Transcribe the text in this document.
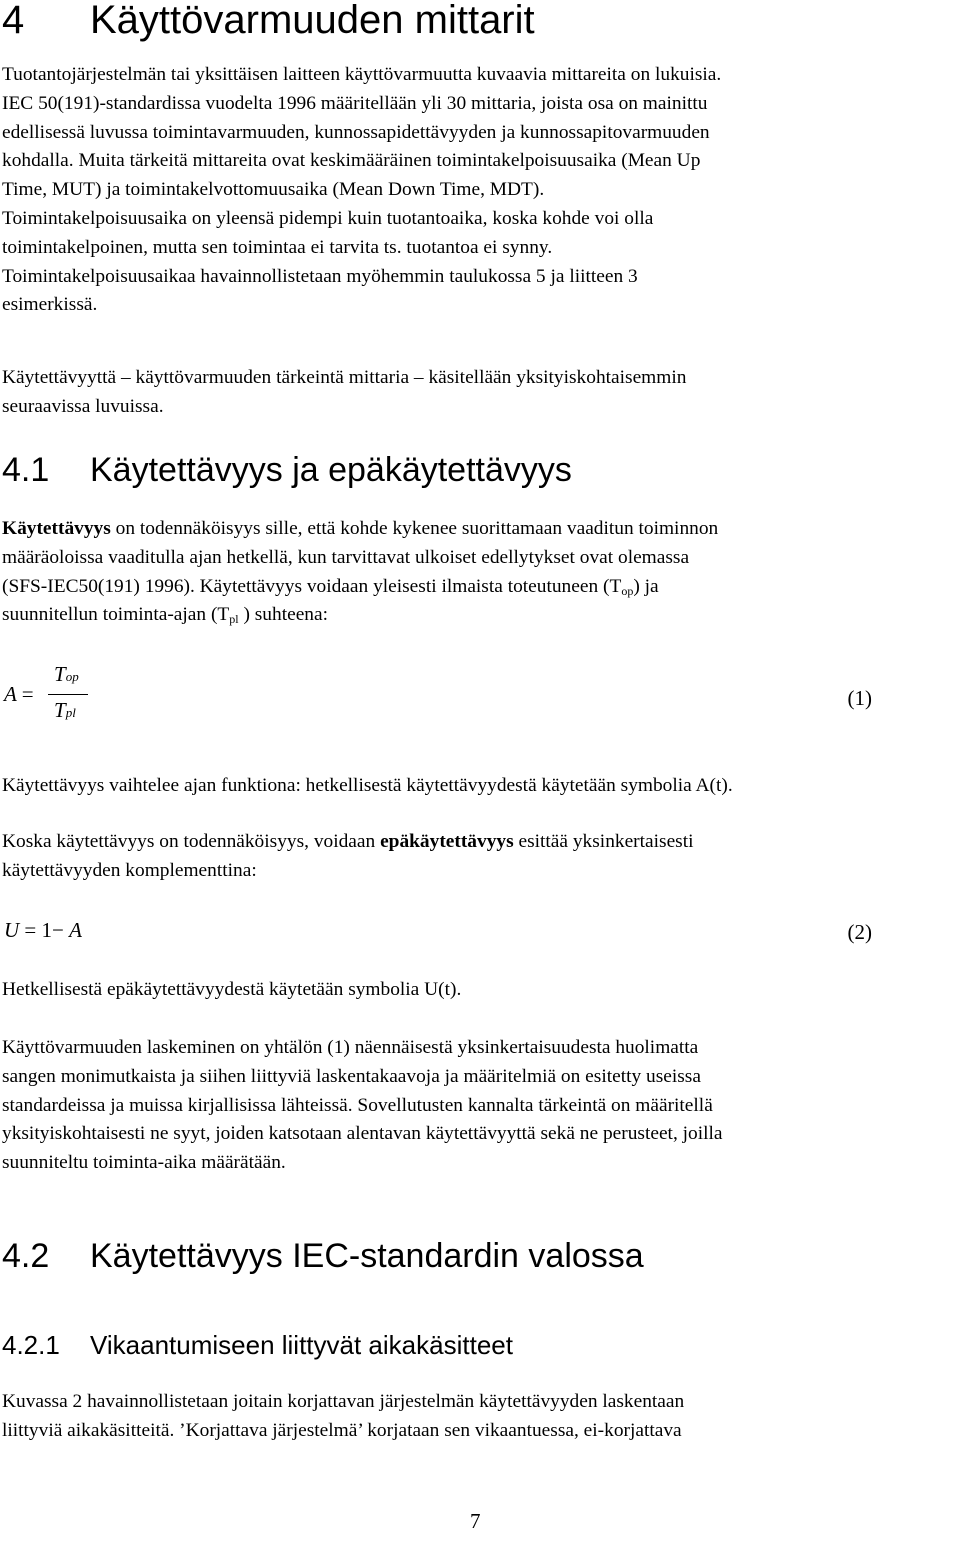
4 Käyttövarmuuden mittarit
Tuotantojärjestelmän tai yksittäisen laitteen käyttövarmuutta kuvaavia mittareita on lukuisia.
IEC 50(191)-standardissa vuodelta 1996 määritellään yli 30 mittaria, joista osa on mainittu
edellisessä luvussa toimintavarmuuden, kunnossapidettävyyden ja kunnossapitovarmuuden
kohdalla. Muita tärkeitä mittareita ovat keskimääräinen toimintakelpoisuusaika (Mean Up
Time, MUT) ja toimintakelvottomuusaika (Mean Down Time, MDT).
Toimintakelpoisuusaika on yleensä pidempi kuin tuotantoaika, koska kohde voi olla
toimintakelpoinen, mutta sen toimintaa ei tarvita ts. tuotantoa ei synny.
Toimintakelpoisuusaikaa havainnollistetaan myöhemmin taulukossa 5 ja liitteen 3
esimerkissä.
Käytettävyyttä – käyttövarmuuden tärkeintä mittaria – käsitellään yksityiskohtaisemmin
seuraavissa luvuissa.
4.1 Käytettävyys ja epäkäytettävyys
Käytettävyys on todennäköisyys sille, että kohde kykenee suorittamaan vaaditun toiminnon
määräoloissa vaaditulla ajan hetkellä, kun tarvittavat ulkoiset edellytykset ovat olemassa
(SFS-IEC50(191) 1996). Käytettävyys voidaan yleisesti ilmaista toteutuneen $(T_{op})$ ja
suunnitellun toiminta-ajan ($T_{pl}$ ) suhteena:
A =
Top
Tpl
(1)
Käytettävyys vaihtelee ajan funktiona: hetkellisestä käytettävyydestä käytetään symbolia A(t).
Koska käytettävyys on todennäköisyys, voidaan epäkäytettävyys esittää yksinkertaisesti
käytettävyyden komplementtina:
U = 1− A	(2)
Hetkellisestä epäkäytettävyydestä käytetään symbolia U(t).
Käyttövarmuuden laskeminen on yhtälön (1) näennäisestä yksinkertaisuudesta huolimatta
sangen monimutkaista ja siihen liittyviä laskentakaavoja ja määritelmiä on esitetty useissa
standardeissa ja muissa kirjallisissa lähteissä. Sovellutusten kannalta tärkeintä on määritellä
yksityiskohtaisesti ne syyt, joiden katsotaan alentavan käytettävyyttä sekä ne perusteet, joilla
suunniteltu toiminta-aika määrätään.
4.2 Käytettävyys IEC-standardin valossa
4.2.1 Vikaantumiseen liittyvät aikakäsitteet
Kuvassa 2 havainnollistetaan joitain korjattavan järjestelmän käytettävyyden laskentaan
liittyviä aikakäsitteitä. ’Korjattava järjestelmä’ korjataan sen vikaantuessa, ei-korjattava
7
